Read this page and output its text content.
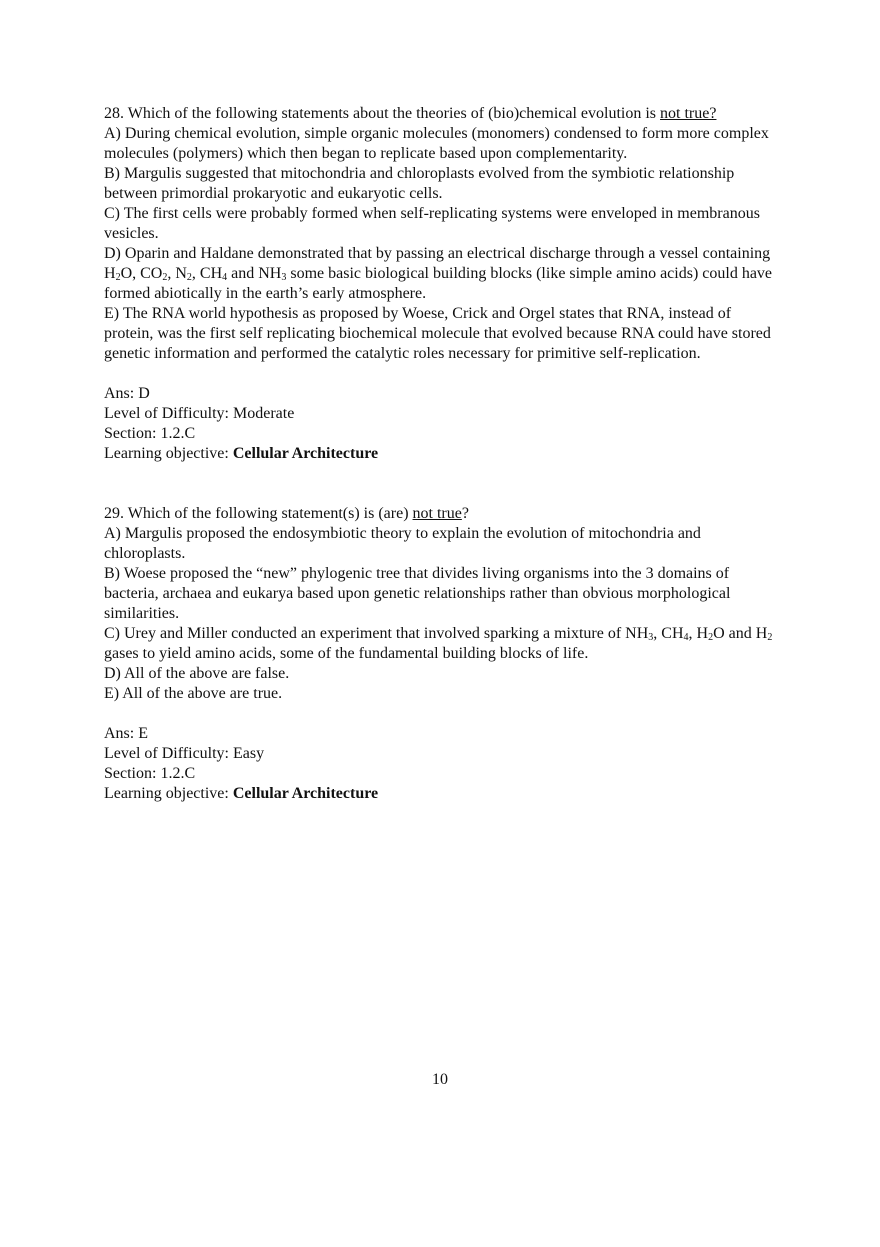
28. Which of the following statements about the theories of (bio)chemical evolution is not true?

A) During chemical evolution, simple organic molecules (monomers) condensed to form more complex molecules (polymers) which then began to replicate based upon complementarity.

B) Margulis suggested that mitochondria and chloroplasts evolved from the symbiotic relationship between primordial prokaryotic and eukaryotic cells.

C) The first cells were probably formed when self-replicating systems were enveloped in membranous vesicles.

D) Oparin and Haldane demonstrated that by passing an electrical discharge through a vessel containing $H_2O$, $CO_2$, $N_2$, $CH_4$ and $NH_3$ some basic biological building blocks (like simple amino acids) could have formed abiotically in the earth’s early atmosphere.

E) The RNA world hypothesis as proposed by Woese, Crick and Orgel states that RNA, instead of protein, was the first self replicating biochemical molecule that evolved because RNA could have stored genetic information and performed the catalytic roles necessary for primitive self-replication.

Ans: D

Level of Difficulty: Moderate

Section: 1.2.C

Learning objective: Cellular Architecture

29. Which of the following statement(s) is (are) not true?

A) Margulis proposed the endosymbiotic theory to explain the evolution of mitochondria and chloroplasts.

B) Woese proposed the “new” phylogenic tree that divides living organisms into the 3 domains of bacteria, archaea and eukarya based upon genetic relationships rather than obvious morphological similarities.

C) Urey and Miller conducted an experiment that involved sparking a mixture of $NH_3$, $CH_4$, $H_2O$ and $H_2$ gases to yield amino acids, some of the fundamental building blocks of life.

D) All of the above are false.

E) All of the above are true.

Ans: E

Level of Difficulty: Easy

Section: 1.2.C

Learning objective: Cellular Architecture

10
